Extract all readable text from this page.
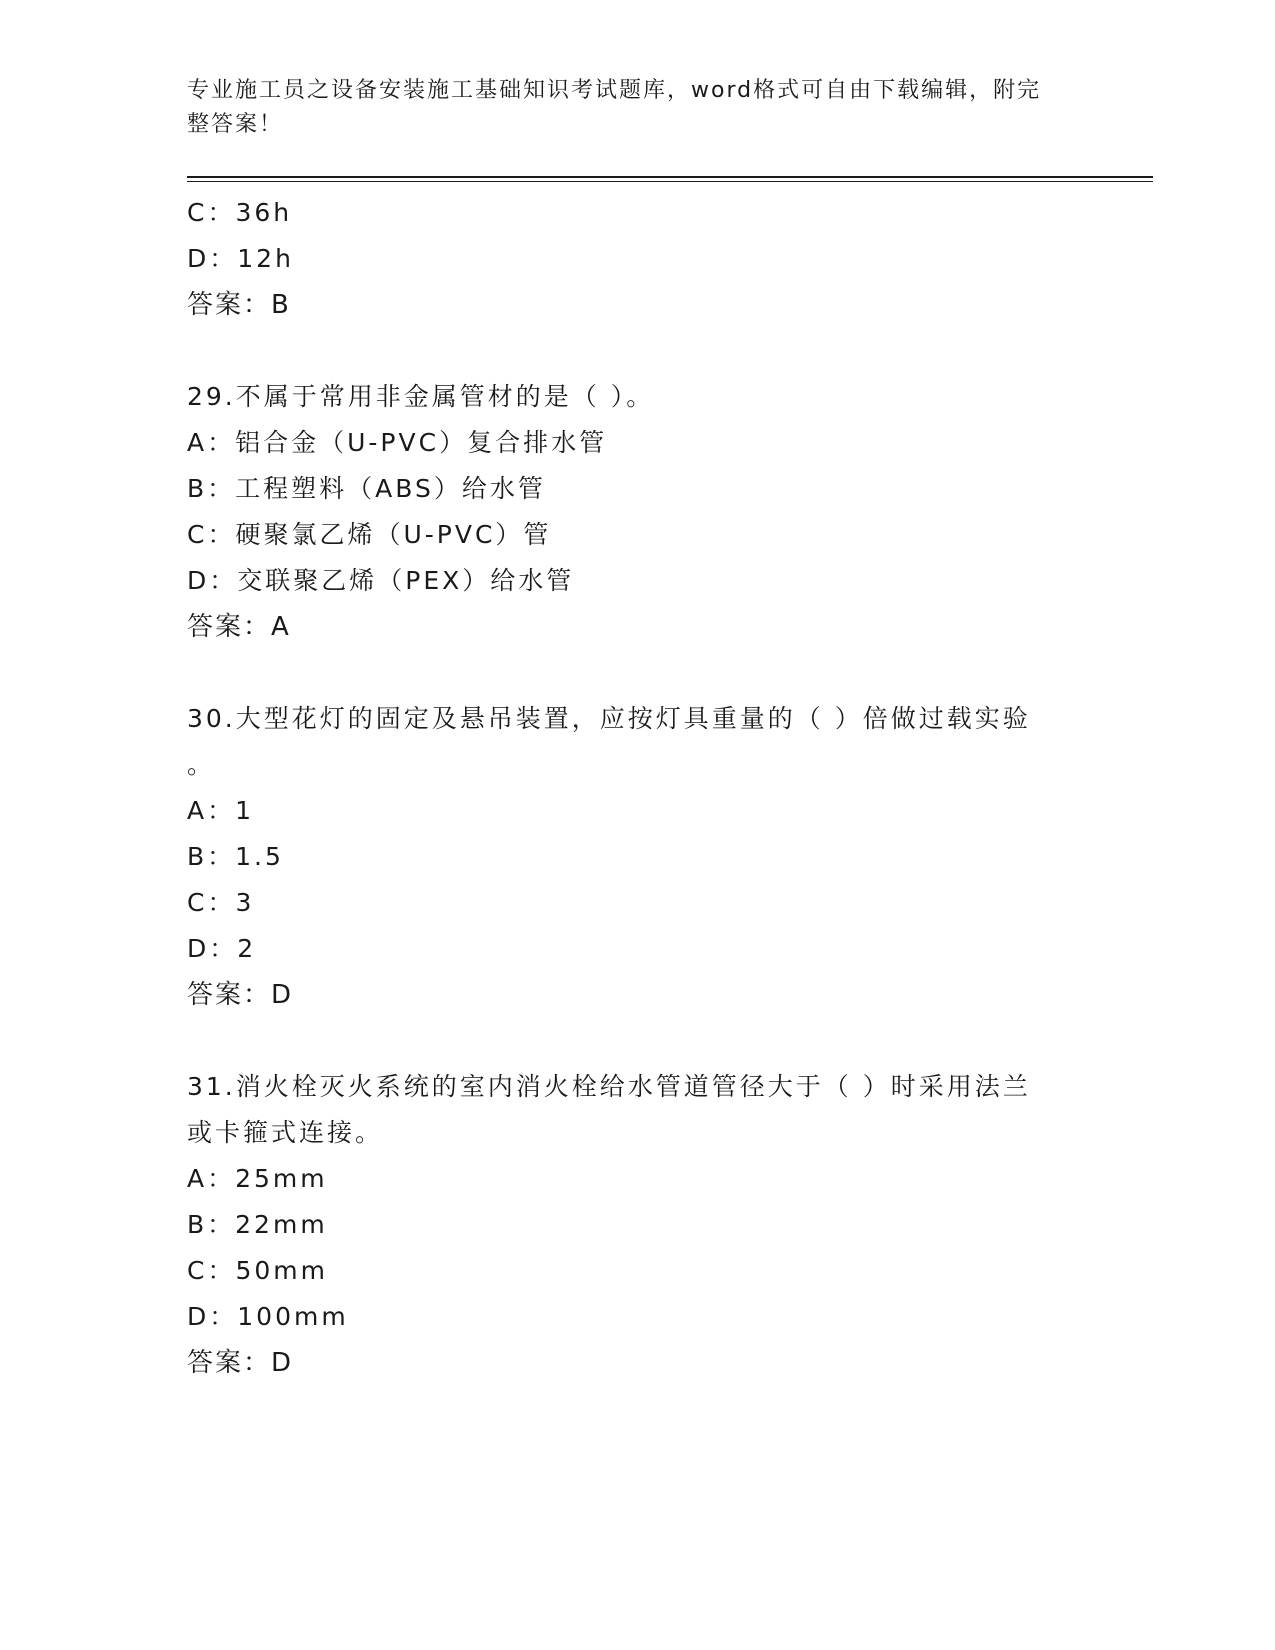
专业施工员之设备安装施工基础知识考试题库，word格式可自由下载编辑，附完
整答案！
C：36h
D：12h
答案：B
29.不属于常用非金属管材的是（ ）。
A：铝合金（U-PVC）复合排水管
B：工程塑料（ABS）给水管
C：硬聚氯乙烯（U-PVC）管
D：交联聚乙烯（PEX）给水管
答案：A
30.大型花灯的固定及悬吊装置，应按灯具重量的（ ）倍做过载实验
。
A：1
B：1.5
C：3
D：2
答案：D
31.消火栓灭火系统的室内消火栓给水管道管径大于（ ）时采用法兰
或卡箍式连接。
A：25mm
B：22mm
C：50mm
D：100mm
答案：D
